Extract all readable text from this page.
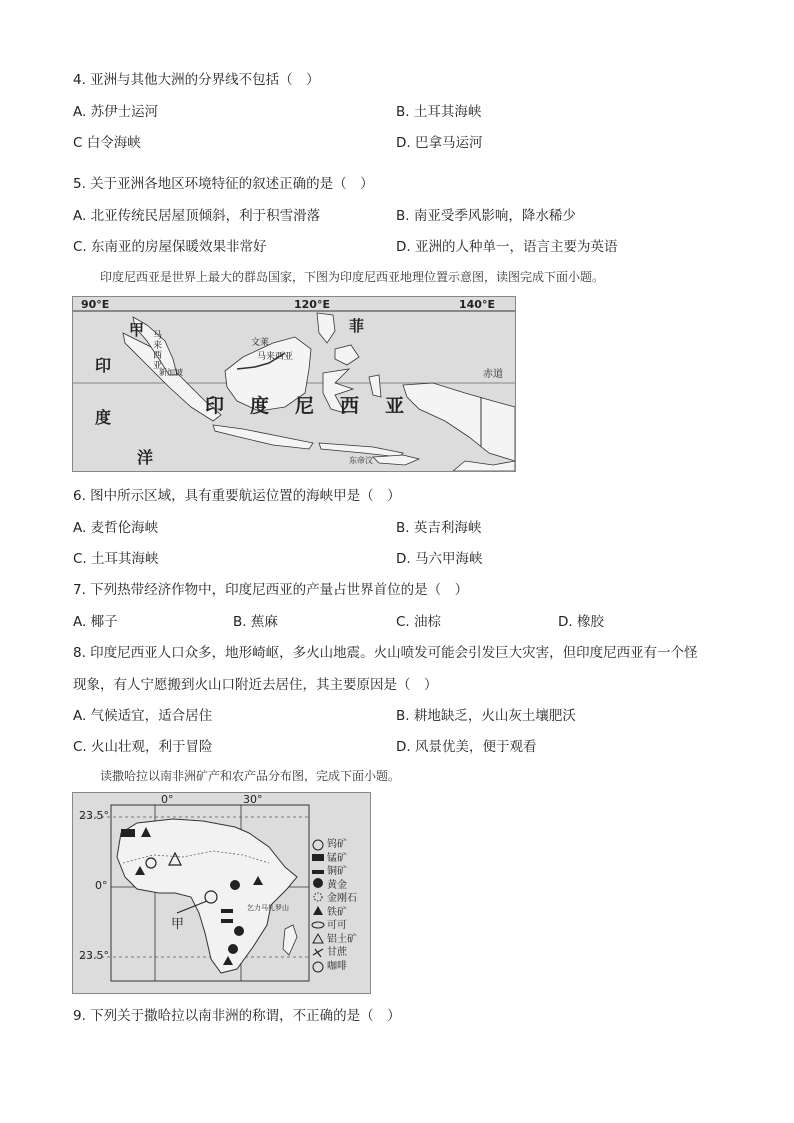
4. 亚洲与其他大洲的分界线不包括（　）
A. 苏伊士运河	B. 土耳其海峡
C 白令海峡	D. 巴拿马运河
5. 关于亚洲各地区环境特征的叙述正确的是（　）
A. 北亚传统民居屋顶倾斜，利于积雪滑落	B. 南亚受季风影响，降水稀少
C. 东南亚的房屋保暖效果非常好	D. 亚洲的人种单一，语言主要为英语
印度尼西亚是世界上最大的群岛国家，下图为印度尼西亚地理位置示意图，读图完成下面小题。
90°E	120°E	140°E
甲 马来西亚
新加坡
文莱
马来西亚
菲
印
度
洋
赤道
印度尼西亚
东帝汶
6. 图中所示区域，具有重要航运位置的海峡甲是（　）
A. 麦哲伦海峡	B. 英吉利海峡
C. 土耳其海峡	D. 马六甲海峡
7. 下列热带经济作物中，印度尼西亚的产量占世界首位的是（　）
A. 椰子	B. 蕉麻	C. 油棕	D. 橡胶
8. 印度尼西亚人口众多，地形崎岖，多火山地震。火山喷发可能会引发巨大灾害，但印度尼西亚有一个怪
现象，有人宁愿搬到火山口附近去居住，其主要原因是（　）
A. 气候适宜，适合居住	B. 耕地缺乏，火山灰土壤肥沃
C. 火山壮观，利于冒险	D. 风景优美，便于观看
读撒哈拉以南非洲矿产和农产品分布图，完成下面小题。
23.5°
0°
23.5°
0°	30°
甲
乞力马扎罗山
钨矿
锰矿
铜矿
黄金
金刚石
铁矿
可可
铝土矿
甘蔗
咖啡
9. 下列关于撒哈拉以南非洲的称谓，不正确的是（　）
